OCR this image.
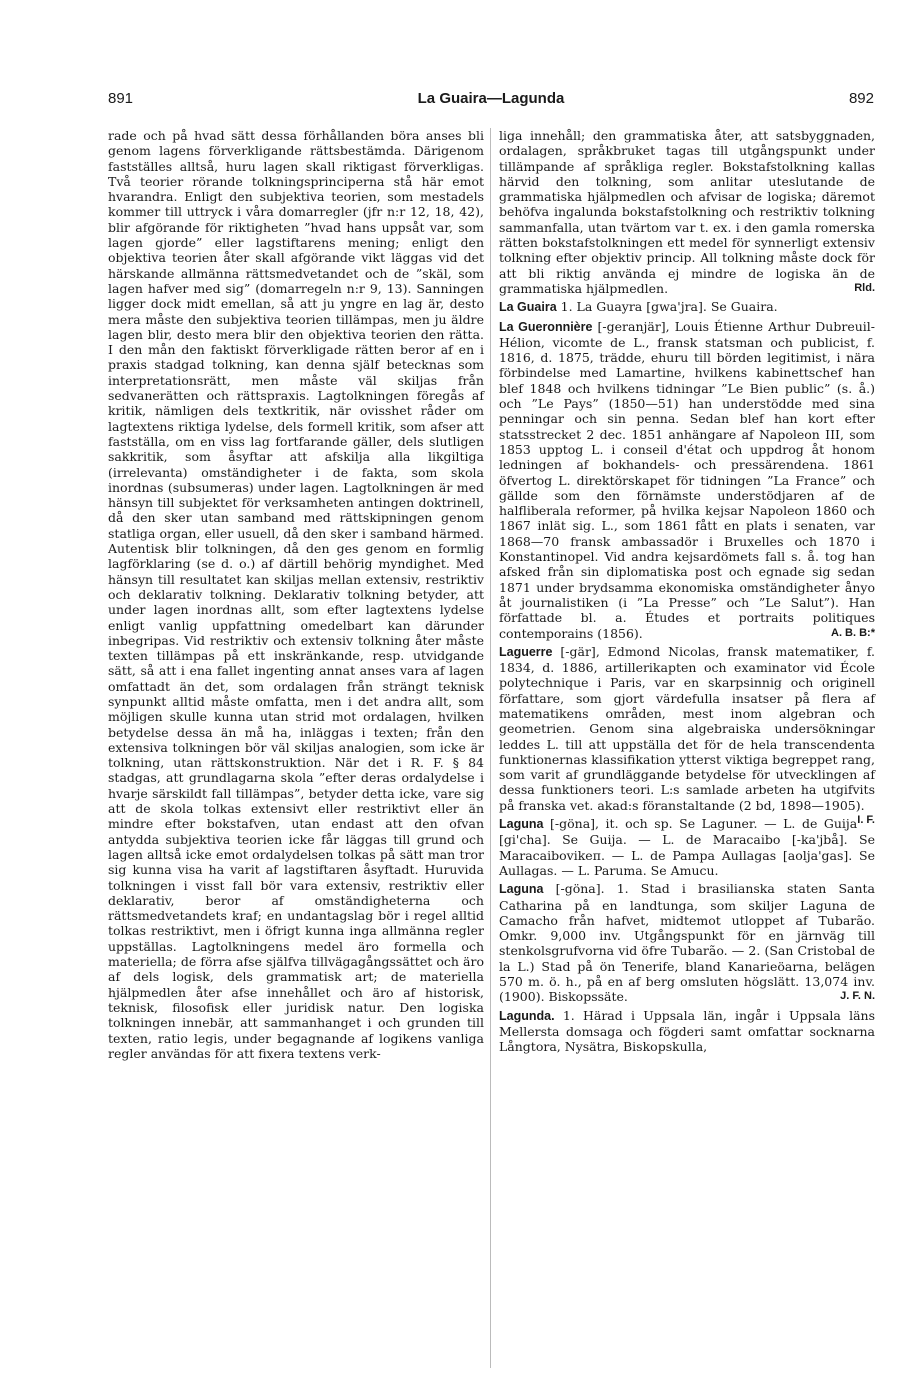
891	La Guaira—Lagunda	892

rade och på hvad sätt dessa förhållanden böra anses bli genom lagens förverkligande rättsbestämda. Därigenom fastställes alltså, huru lagen skall riktigast förverkligas. Två teorier rörande tolkningsprinciperna stå här emot hvarandra. Enligt den subjektiva teorien, som mestadels kommer till uttryck i våra domarregler (jfr n:r 12, 18, 42), blir afgörande för riktigheten ”hvad hans uppsåt var, som lagen gjorde” eller lagstiftarens mening; enligt den objektiva teorien åter skall afgörande vikt läggas vid det härskande allmänna rättsmedvetandet och de ”skäl, som lagen hafver med sig” (domarregeln n:r 9, 13). Sanningen ligger dock midt emellan, så att ju yngre en lag är, desto mera måste den subjektiva teorien tillämpas, men ju äldre lagen blir, desto mera blir den objektiva teorien den rätta. I den mån den faktiskt förverkligade rätten beror af en i praxis stadgad tolkning, kan denna själf betecknas som interpretationsrätt, men måste väl skiljas från sedvanerätten och rättspraxis. Lagtolkningen föregås af kritik, nämligen dels textkritik, när ovisshet råder om lagtextens riktiga lydelse, dels formell kritik, som afser att fastställa, om en viss lag fortfarande gäller, dels slutligen sakkritik, som åsyftar att afskilja alla likgiltiga (irrelevanta) omständigheter i de fakta, som skola inordnas (subsumeras) under lagen. Lagtolkningen är med hänsyn till subjektet för verksamheten antingen doktrinell, då den sker utan samband med rättskipningen genom statliga organ, eller usuell, då den sker i samband härmed. Autentisk blir tolkningen, då den ges genom en formlig lagförklaring (se d. o.) af därtill behörig myndighet. Med hänsyn till resultatet kan skiljas mellan extensiv, restriktiv och deklarativ tolkning. Deklarativ tolkning betyder, att under lagen inordnas allt, som efter lagtextens lydelse enligt vanlig uppfattning omedelbart kan därunder inbegripas. Vid restriktiv och extensiv tolkning åter måste texten tillämpas på ett inskränkande, resp. utvidgande sätt, så att i ena fallet ingenting annat anses vara af lagen omfattadt än det, som ordalagen från strängt teknisk synpunkt alltid måste omfatta, men i det andra allt, som möjligen skulle kunna utan strid mot ordalagen, hvilken betydelse dessa än må ha, inläggas i texten; från den extensiva tolkningen bör väl skiljas analogien, som icke är tolkning, utan rättskonstruktion. När det i R. F. § 84 stadgas, att grundlagarna skola ”efter deras ordalydelse i hvarje särskildt fall tillämpas”, betyder detta icke, vare sig att de skola tolkas extensivt eller restriktivt eller än mindre efter bokstafven, utan endast att den ofvan antydda subjektiva teorien icke får läggas till grund och lagen alltså icke emot ordalydelsen tolkas på sätt man tror sig kunna visa ha varit af lagstiftaren åsyftadt. Huruvida tolkningen i visst fall bör vara extensiv, restriktiv eller deklarativ, beror af omständigheterna och rättsmedvetandets kraf; en undantagslag bör i regel alltid tolkas restriktivt, men i öfrigt kunna inga allmänna regler uppställas. Lagtolkningens medel äro formella och materiella; de förra afse själfva tillvägagångssättet och äro af dels logisk, dels grammatisk art; de materiella hjälpmedlen åter afse innehållet och äro af historisk, teknisk, filosofisk eller juridisk natur. Den logiska tolkningen innebär, att sammanhanget i och grunden till texten, ratio legis, under begagnande af logikens vanliga regler användas för att fixera textens verk-

liga innehåll; den grammatiska åter, att satsbyggnaden, ordalagen, språkbruket tagas till utgångspunkt under tillämpande af språkliga regler. Bokstafstolkning kallas härvid den tolkning, som anlitar uteslutande de grammatiska hjälpmedlen och afvisar de logiska; däremot behöfva ingalunda bokstafstolkning och restriktiv tolkning sammanfalla, utan tvärtom var t. ex. i den gamla romerska rätten bokstafstolkningen ett medel för synnerligt extensiv tolkning efter objektiv princip. All tolkning måste dock för att bli riktig använda ej mindre de logiska än de grammatiska hjälpmedlen.	Rld.

La Guaira 1. La Guayra [gwa'jra]. Se Guaira.

La Gueronnière [-geranjär], Louis Étienne Arthur Dubreuil-Hélion, vicomte de L., fransk statsman och publicist, f. 1816, d. 1875, trädde, ehuru till börden legitimist, i nära förbindelse med Lamartine, hvilkens kabinettschef han blef 1848 och hvilkens tidningar ”Le Bien public” (s. å.) och ”Le Pays” (1850—51) han understödde med sina penningar och sin penna. Sedan blef han kort efter statsstrecket 2 dec. 1851 anhängare af Napoleon III, som 1853 upptog L. i conseil d'état och uppdrog åt honom ledningen af bokhandels- och pressärendena. 1861 öfvertog L. direktörskapet för tidningen ”La France” och gällde som den förnämste understödjaren af de halfliberala reformer, på hvilka kejsar Napoleon 1860 och 1867 inlät sig. L., som 1861 fått en plats i senaten, var 1868—70 fransk ambassadör i Bruxelles och 1870 i Konstantinopel. Vid andra kejsardömets fall s. å. tog han afsked från sin diplomatiska post och egnade sig sedan 1871 under brydsamma ekonomiska omständigheter ånyo åt journalistiken (i ”La Presse” och ”Le Salut”). Han författade bl. a. Études et portraits politiques contemporains (1856).	A. B. B:*

Laguerre [-gär], Edmond Nicolas, fransk matematiker, f. 1834, d. 1886, artillerikapten och examinator vid École polytechnique i Paris, var en skarpsinnig och originell författare, som gjort värdefulla insatser på flera af matematikens områden, mest inom algebran och geometrien. Genom sina algebraiska undersökningar leddes L. till att uppställa det för de hela transcendenta funktionernas klassifikation ytterst viktiga begreppet rang, som varit af grundläggande betydelse för utvecklingen af dessa funktioners teori. L:s samlade arbeten ha utgifvits på franska vet. akad:s föranstaltande (2 bd, 1898—1905).
I. F.

Laguna [-göna], it. och sp. Se Laguner. — L. de Guija [gi'cha]. Se Guija. — L. de Maracaibo [-ka'jbå]. Se Maracaibovikeп. — L. de Pampa Aullagas [aolja'gas]. Se Aullagas. — L. Paruma. Se Amucu.

Laguna [-göna]. 1. Stad i brasilianska staten Santa Catharina på en landtunga, som skiljer Laguna de Camacho från hafvet, midtemot utloppet af Tubarão. Omkr. 9,000 inv. Utgångspunkt för en järnväg till stenkolsgrufvorna vid öfre Tubarão. — 2. (San Cristobal de la L.) Stad på ön Tenerife, bland Kanarieöarna, belägen 570 m. ö. h., på en af berg omsluten högslätt. 13,074 inv. (1900). Biskopssäte.	J. F. N.

Lagunda. 1. Härad i Uppsala län, ingår i Uppsala läns Mellersta domsaga och fögderi samt omfattar socknarna Långtora, Nysätra, Biskopskulla,
